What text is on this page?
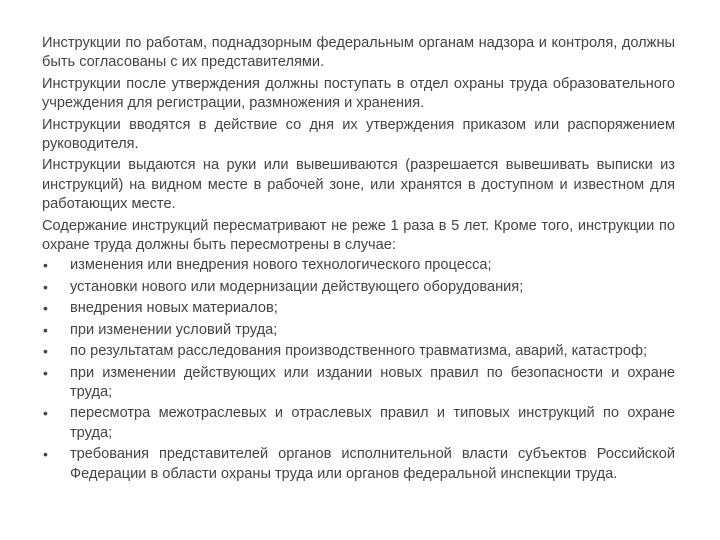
Инструкции по работам, поднадзорным федеральным органам надзора и контроля, должны быть согласованы с их представителями.

Инструкции после утверждения должны поступать в отдел охраны труда образовательного учреждения для регистрации, размножения и хранения.

Инструкции вводятся в действие со дня их утверждения приказом или распоряжением руководителя.

Инструкции выдаются на руки или вывешиваются (разрешается вывешивать выписки из инструкций) на видном месте в рабочей зоне, или хранятся в доступном и известном для работающих месте.

Содержание инструкций пересматривают не реже 1 раза в 5 лет. Кроме того, инструкции по охране труда должны быть пересмотрены в случае:

• изменения или внедрения нового технологического процесса;
• установки нового или модернизации действующего оборудования;
• внедрения новых материалов;
• при изменении условий труда;
• по результатам расследования производственного травматизма, аварий, катастроф;
• при изменении действующих или издании новых правил по безопасности и охране труда;
• пересмотра межотраслевых и отраслевых правил и типовых инструкций по охране труда;
• требования представителей органов исполнительной власти субъектов Российской Федерации в области охраны труда или органов федеральной инспекции труда.
